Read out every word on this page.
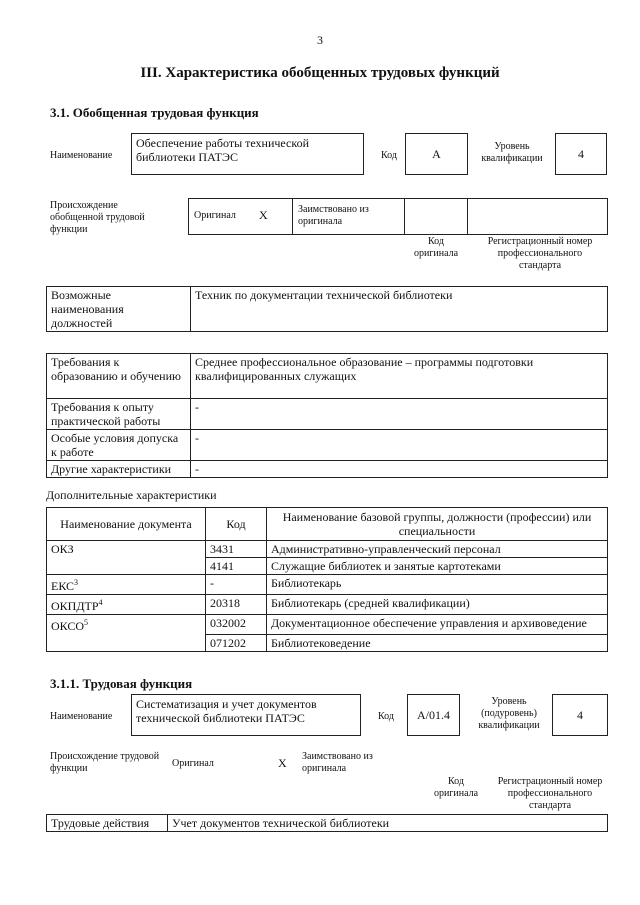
3
III. Характеристика обобщенных трудовых функций
3.1. Обобщенная трудовая функция
Наименование
Обеспечение работы технической библиотеки ПАТЭС	Код	A
Уровень квалификации	4
Происхождение обобщенной трудовой функции
Оригинал X	Заимствовано из оригинала
Код оригинала
Регистрационный номер профессионального стандарта
Возможные наименования должностей	Техник по документации технической библиотеки
Требования к образованию и обучению	Среднее профессиональное образование – программы подготовки квалифицированных служащих
Требования к опыту практической работы	-
Особые условия допуска к работе	-
Другие характеристики	-
Дополнительные характеристики
Наименование документа	Код	Наименование базовой группы, должности (профессии) или специальности
ОКЗ	3431	Административно-управленческий персонал
	4141	Служащие библиотек и занятые картотеками
ЕКС$^3$	-	Библиотекарь
ОКПДТР$^4$	20318	Библиотекарь (средней квалификации)
ОКСО$^5$	032002	Документационное обеспечение управления и архивоведение
	071202	Библиотековедение
3.1.1. Трудовая функция
Наименование
Систематизация и учет документов технической библиотеки ПАТЭС	Код	A/01.4
Уровень (подуровень) квалификации
4
Происхождение трудовой функции	Оригинал	X Заимствовано из оригинала
Код оригинала
Регистрационный номер профессионального стандарта
Трудовые действия	Учет документов технической библиотеки
